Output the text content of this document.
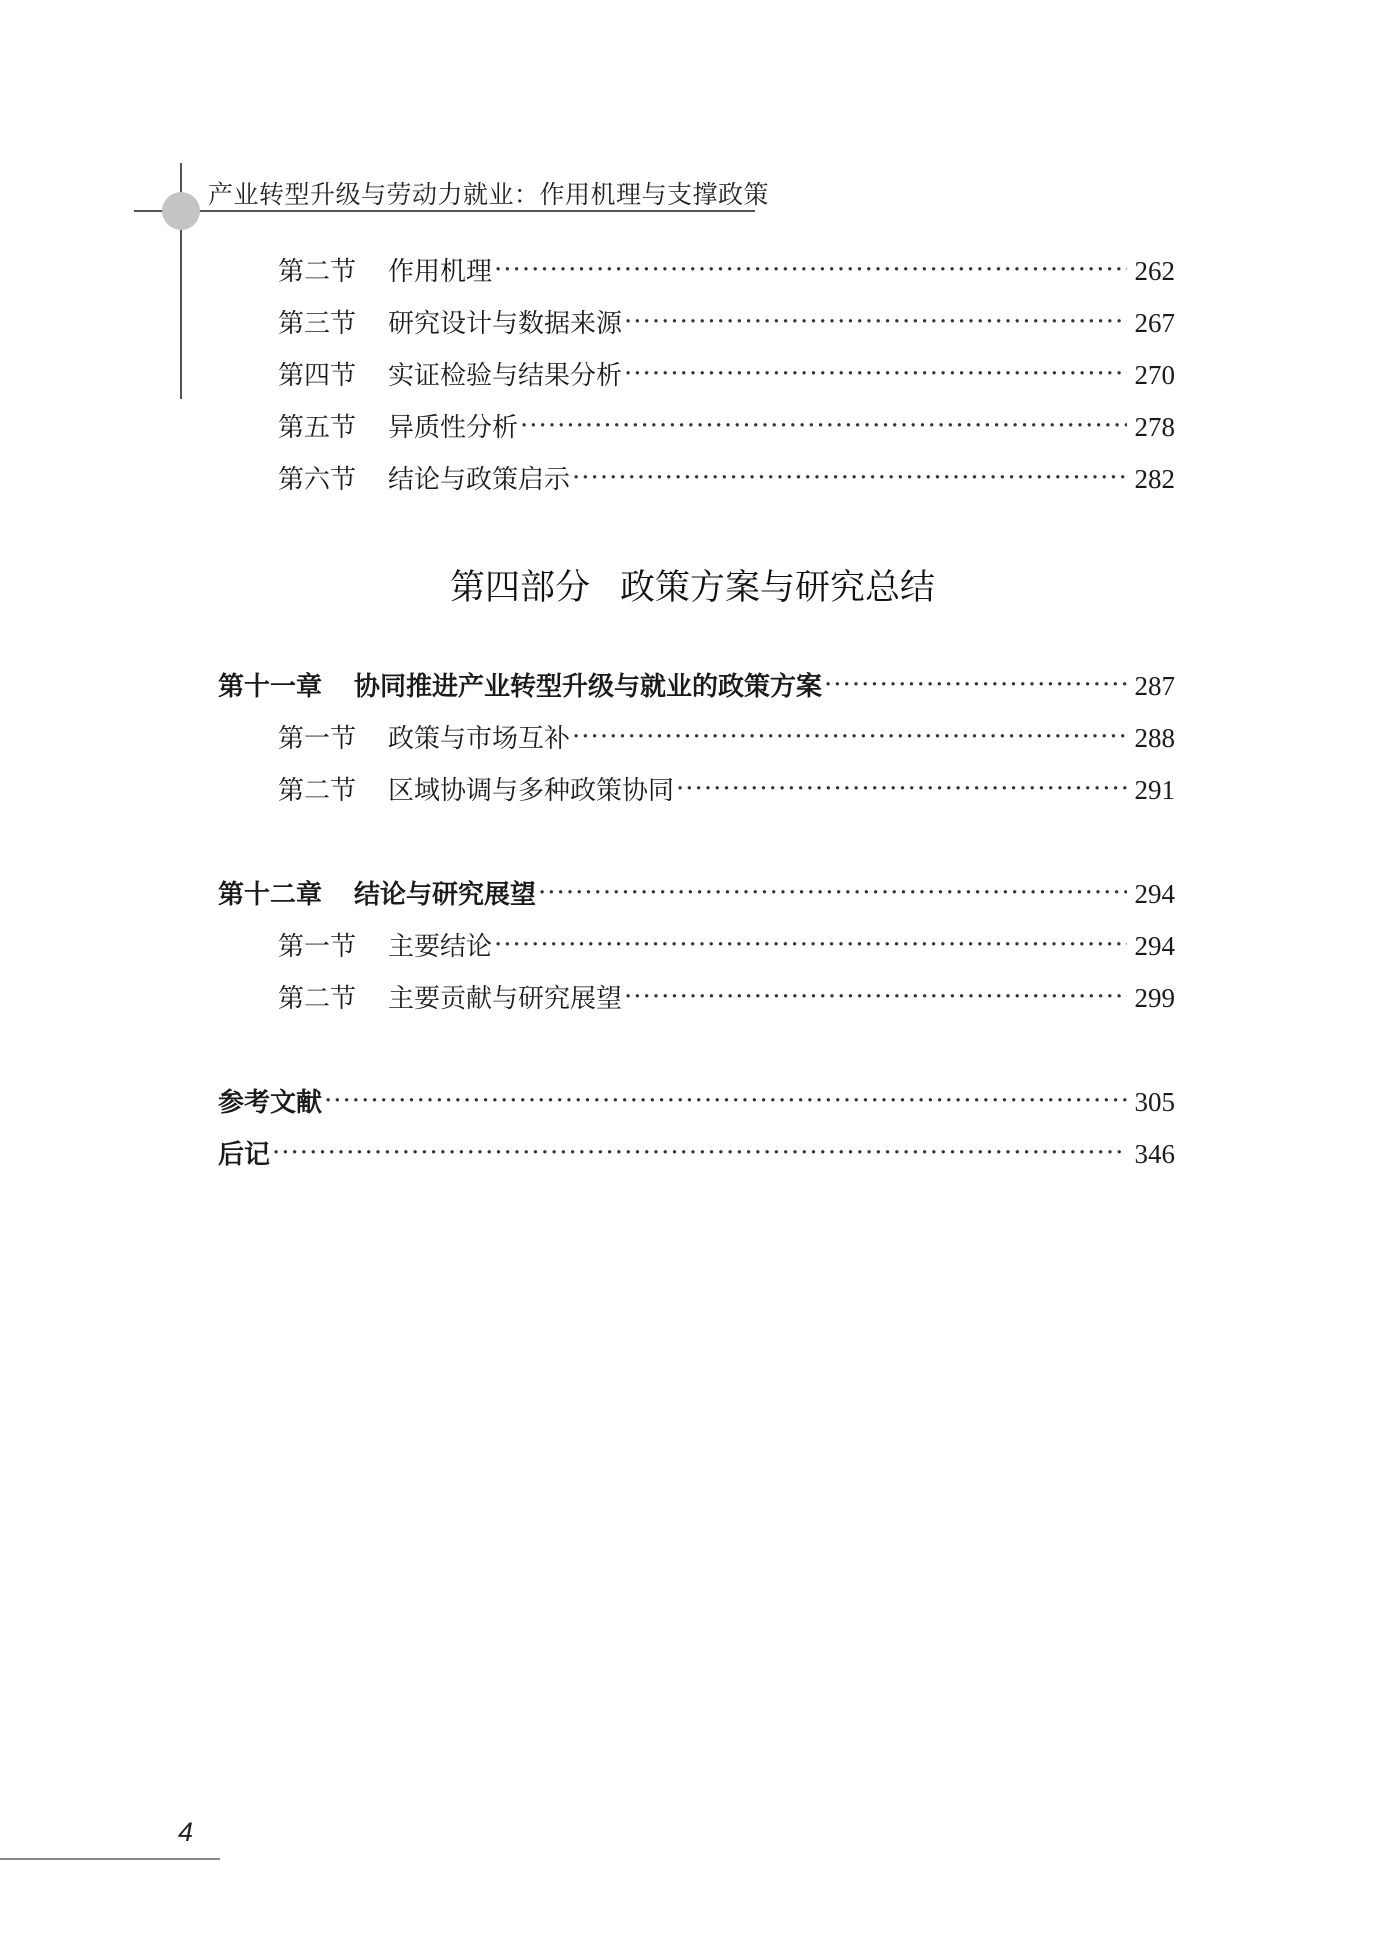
产业转型升级与劳动力就业：作用机理与支撑政策
第二节 作用机理 ·····	262
第三节 研究设计与数据来源 ·····	267
第四节 实证检验与结果分析 ·····	270
第五节 异质性分析 ·····	278
第六节 结论与政策启示 ·····	282
第四部分 政策方案与研究总结
第十一章 协同推进产业转型升级与就业的政策方案 ·····	287
第一节 政策与市场互补 ·····	288
第二节 区域协调与多种政策协同 ·····	291
第十二章 结论与研究展望 ·····	294
第一节 主要结论 ·····	294
第二节 主要贡献与研究展望 ·····	299
参考文献 ·····	305
后记 ·····	346
4
